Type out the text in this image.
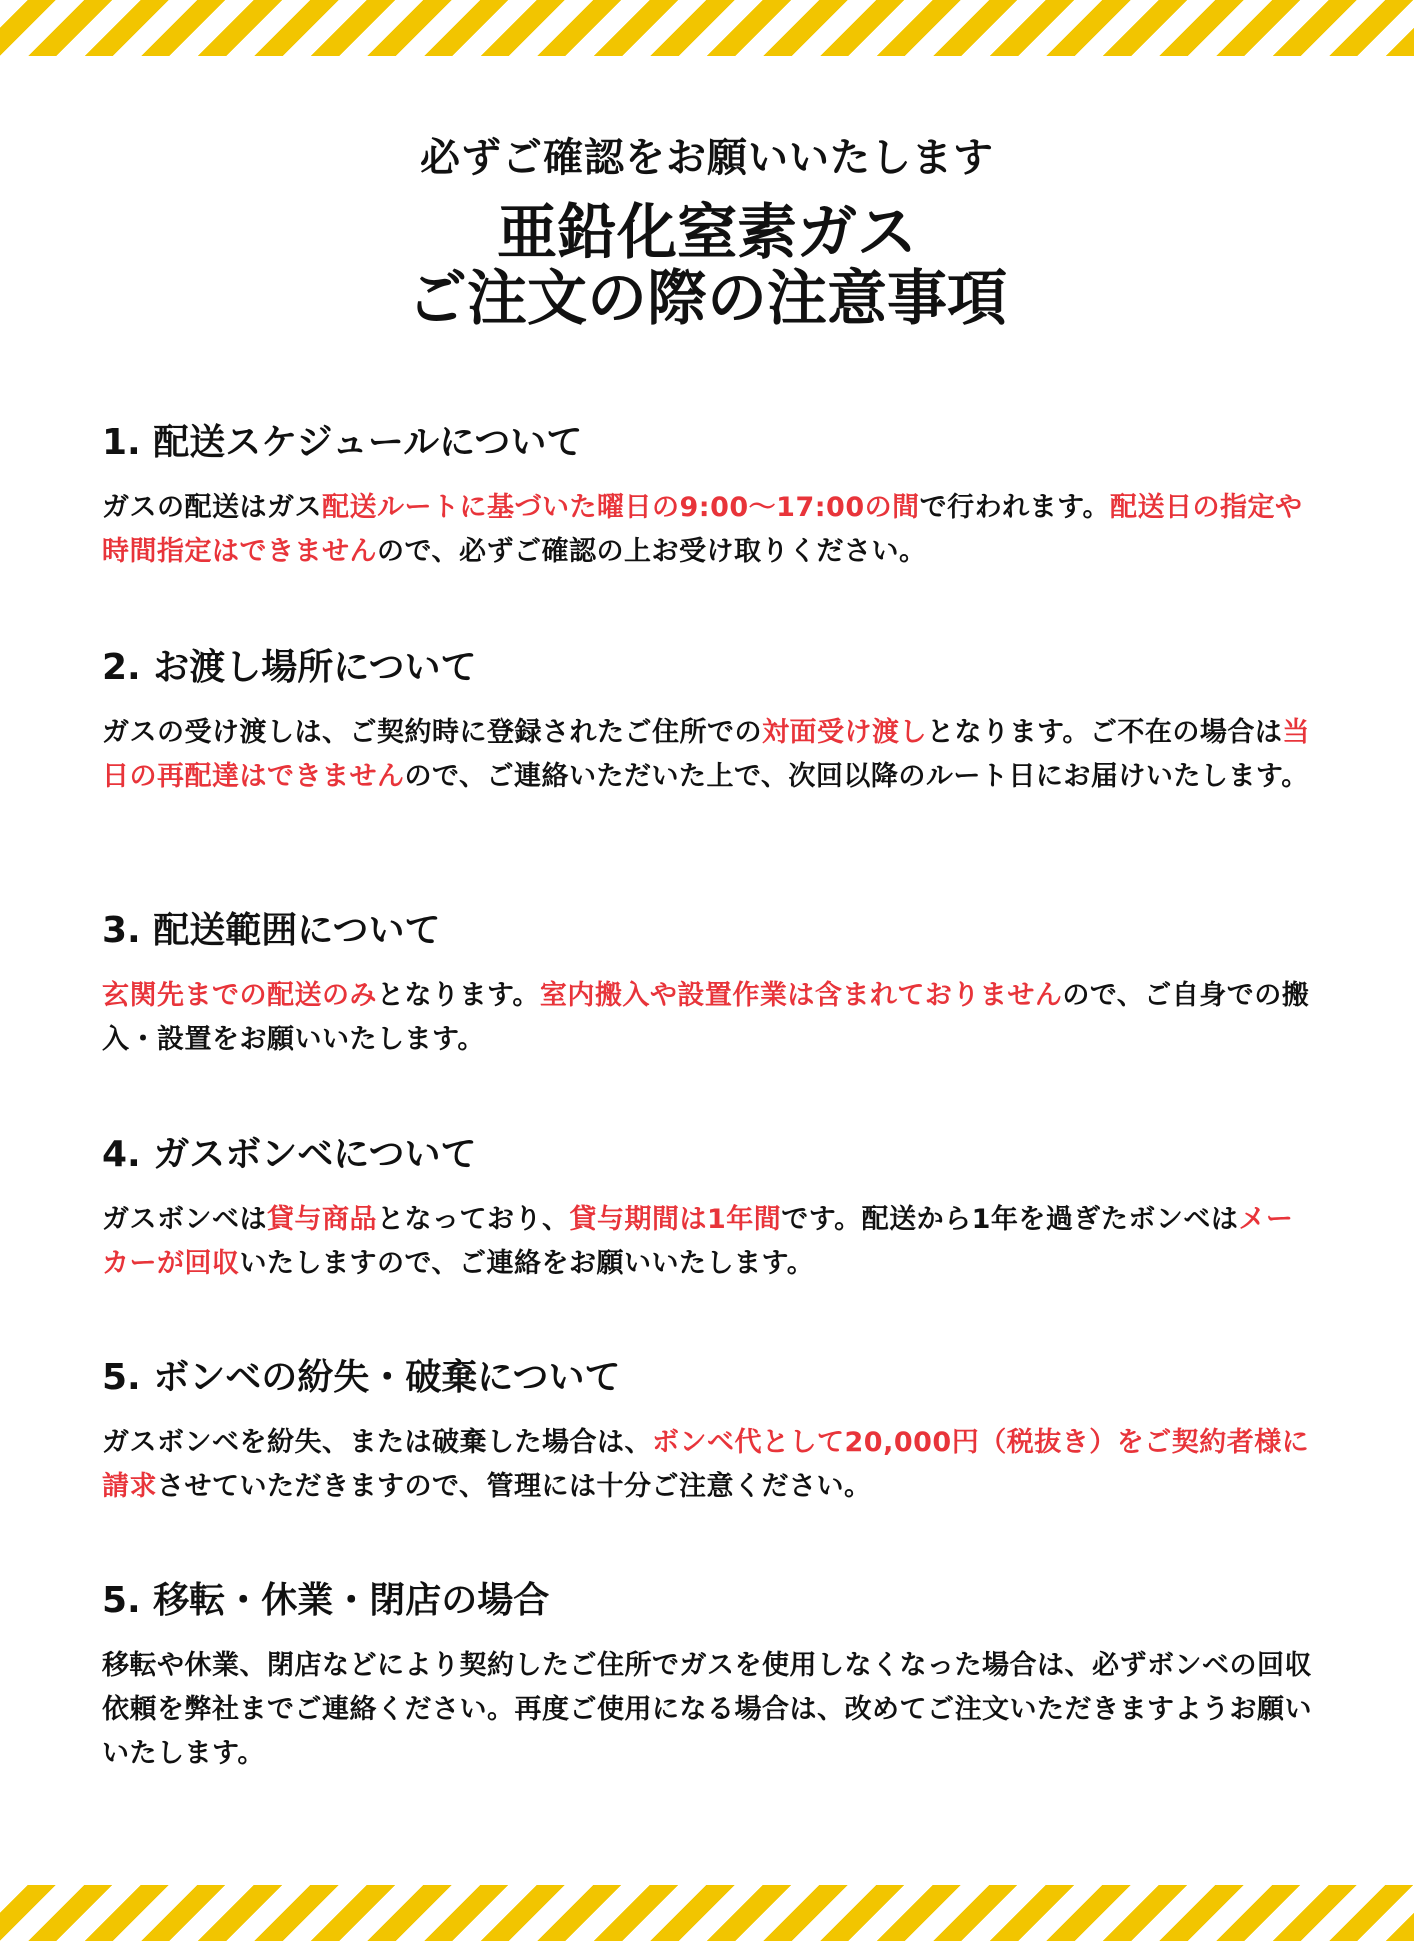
必ずご確認をお願いいたします
亜鉛化窒素ガス
ご注文の際の注意事項
1. 配送スケジュールについて

ガスの配送はガス配送ルートに基づいた曜日の9:00～17:00の間で行われます。配送日の指定や時間指定はできませんので、必ずご確認の上お受け取りください。

2. お渡し場所について

ガスの受け渡しは、ご契約時に登録されたご住所での対面受け渡しとなります。ご不在の場合は当日の再配達はできませんので、ご連絡いただいた上で、次回以降のルート日にお届けいたします。

3. 配送範囲について

玄関先までの配送のみとなります。室内搬入や設置作業は含まれておりませんので、ご自身での搬入・設置をお願いいたします。

4. ガスボンベについて

ガスボンベは貸与商品となっており、貸与期間は1年間です。配送から1年を過ぎたボンベはメーカーが回収いたしますので、ご連絡をお願いいたします。

5. ボンベの紛失・破棄について

ガスボンベを紛失、または破棄した場合は、ボンベ代として20,000円（税抜き）をご契約者様に請求させていただきますので、管理には十分ご注意ください。

5. 移転・休業・閉店の場合

移転や休業、閉店などにより契約したご住所でガスを使用しなくなった場合は、必ずボンベの回収依頼を弊社までご連絡ください。再度ご使用になる場合は、改めてご注文いただきますようお願いいたします。
